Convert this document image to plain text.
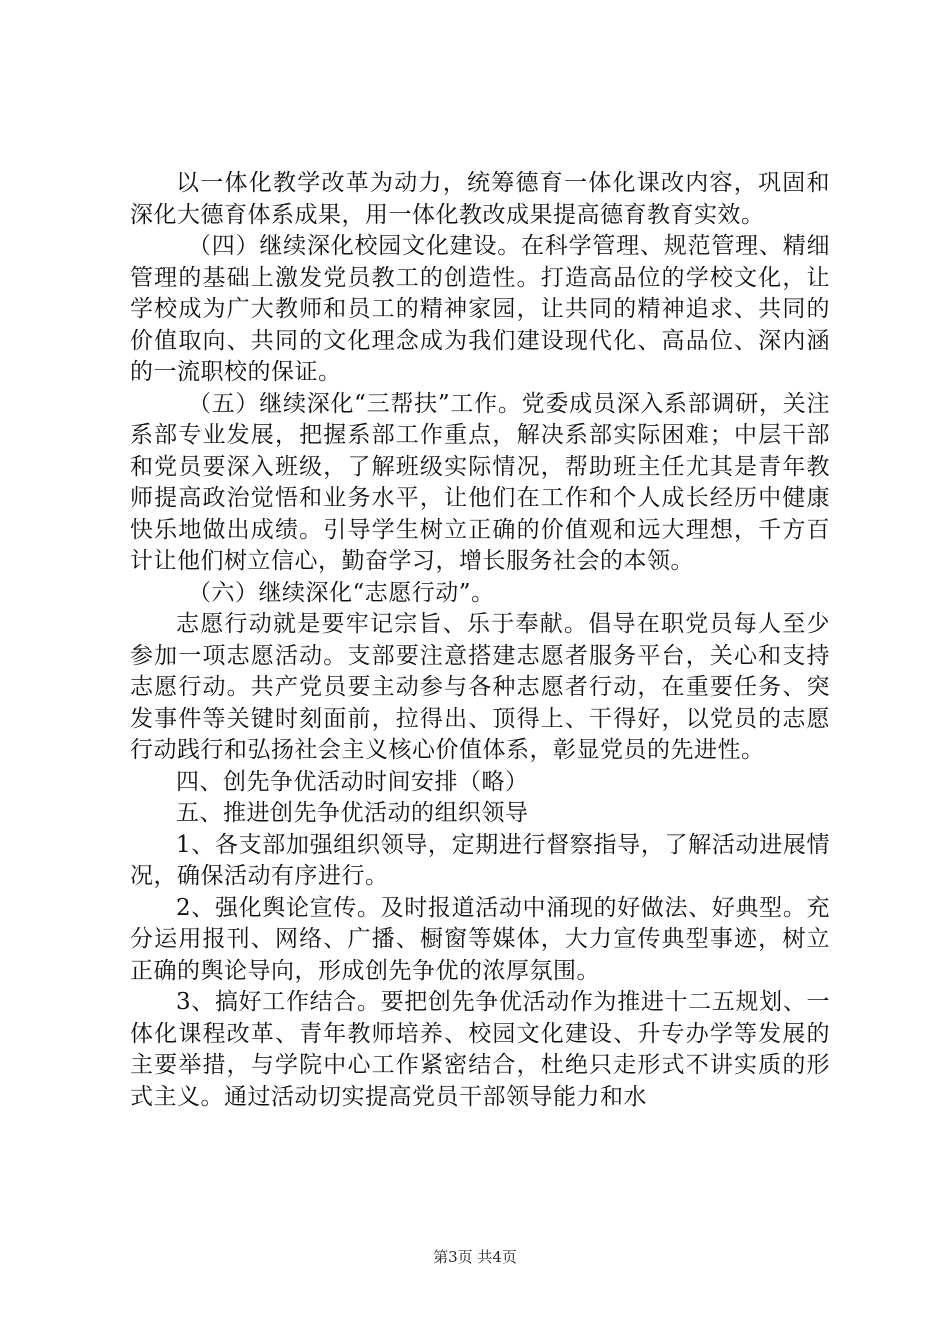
以一体化教学改革为动力，统筹德育一体化课改内容，巩固和深化大德育体系成果，用一体化教改成果提高德育教育实效。

（四）继续深化校园文化建设。在科学管理、规范管理、精细管理的基础上激发党员教工的创造性。打造高品位的学校文化，让学校成为广大教师和员工的精神家园，让共同的精神追求、共同的价值取向、共同的文化理念成为我们建设现代化、高品位、深内涵的一流职校的保证。

（五）继续深化“三帮扶”工作。党委成员深入系部调研，关注系部专业发展，把握系部工作重点，解决系部实际困难；中层干部和党员要深入班级，了解班级实际情况，帮助班主任尤其是青年教师提高政治觉悟和业务水平，让他们在工作和个人成长经历中健康快乐地做出成绩。引导学生树立正确的价值观和远大理想，千方百计让他们树立信心，勤奋学习，增长服务社会的本领。

（六）继续深化“志愿行动”。

志愿行动就是要牢记宗旨、乐于奉献。倡导在职党员每人至少参加一项志愿活动。支部要注意搭建志愿者服务平台，关心和支持志愿行动。共产党员要主动参与各种志愿者行动，在重要任务、突发事件等关键时刻面前，拉得出、顶得上、干得好，以党员的志愿行动践行和弘扬社会主义核心价值体系，彰显党员的先进性。

四、创先争优活动时间安排（略）

五、推进创先争优活动的组织领导

1、各支部加强组织领导，定期进行督察指导，了解活动进展情况，确保活动有序进行。

2、强化舆论宣传。及时报道活动中涌现的好做法、好典型。充分运用报刊、网络、广播、橱窗等媒体，大力宣传典型事迹，树立正确的舆论导向，形成创先争优的浓厚氛围。

3、搞好工作结合。要把创先争优活动作为推进十二五规划、一体化课程改革、青年教师培养、校园文化建设、升专办学等发展的主要举措，与学院中心工作紧密结合，杜绝只走形式不讲实质的形式主义。通过活动切实提高党员干部领导能力和水

第3页 共4页
